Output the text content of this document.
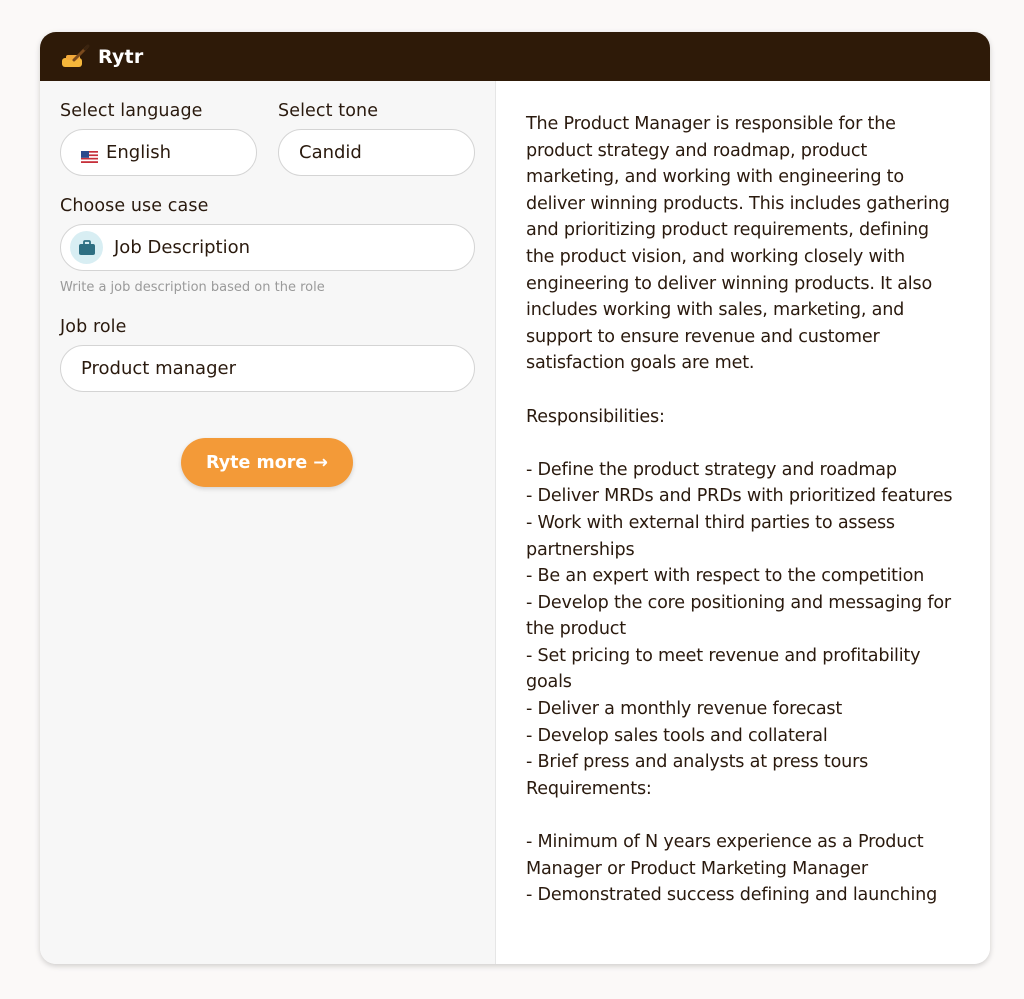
Rytr
Select language
English
Select tone
Candid
Choose use case
Job Description
Write a job description based on the role
Job role
Product manager
Ryte more →

The Product Manager is responsible for the product strategy and roadmap, product marketing, and working with engineering to deliver winning products. This includes gathering and prioritizing product requirements, defining the product vision, and working closely with engineering to deliver winning products. It also includes working with sales, marketing, and support to ensure revenue and customer satisfaction goals are met.

Responsibilities:

- Define the product strategy and roadmap
- Deliver MRDs and PRDs with prioritized features
- Work with external third parties to assess partnerships
- Be an expert with respect to the competition
- Develop the core positioning and messaging for the product
- Set pricing to meet revenue and profitability goals
- Deliver a monthly revenue forecast
- Develop sales tools and collateral
- Brief press and analysts at press tours
Requirements:

- Minimum of N years experience as a Product Manager or Product Marketing Manager
- Demonstrated success defining and launching
